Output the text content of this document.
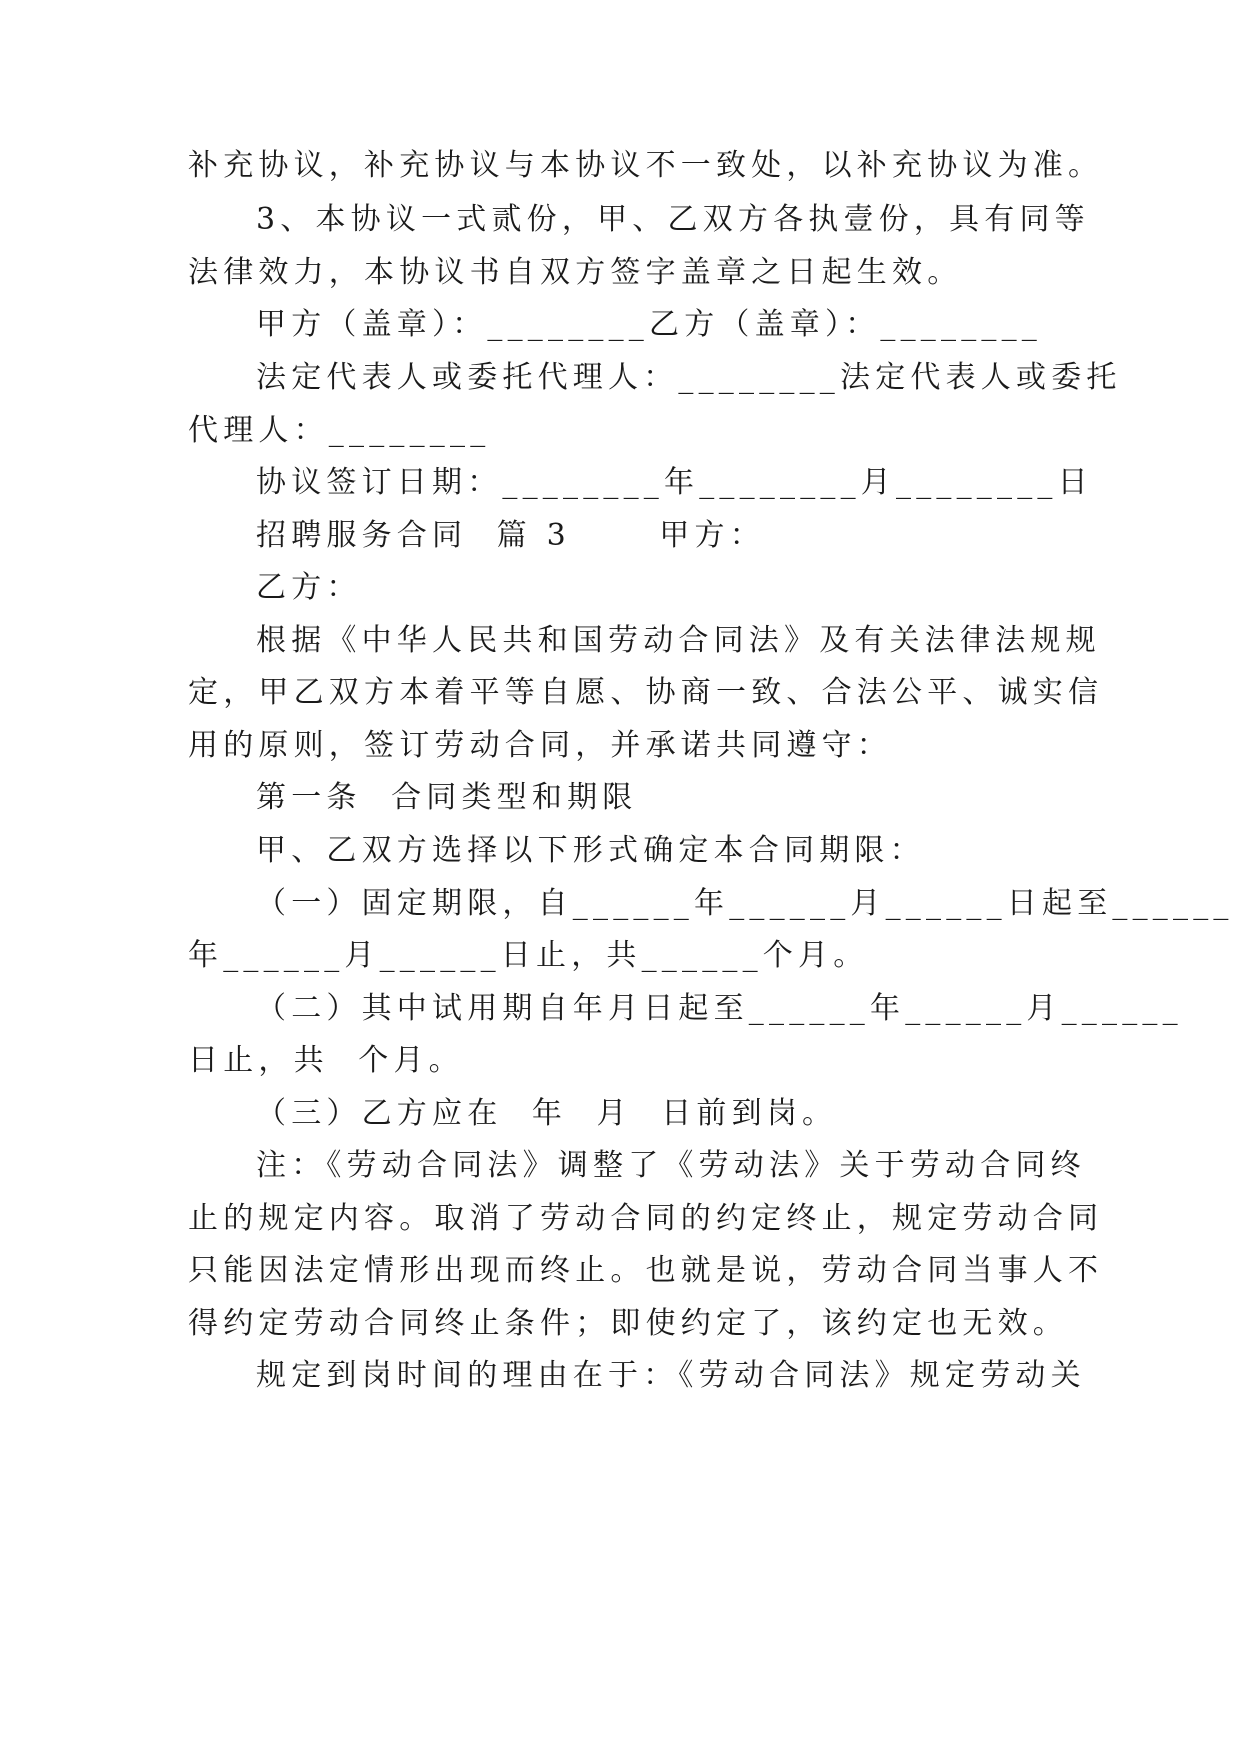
补充协议，补充协议与本协议不一致处，以补充协议为准。
3、本协议一式贰份，甲、乙双方各执壹份，具有同等
法律效力，本协议书自双方签字盖章之日起生效。
甲方（盖章）：________乙方（盖章）：________
法定代表人或委托代理人：________法定代表人或委托
代理人：________
协议签订日期：________年________月________日
招聘服务合同  篇 3      甲方：
乙方：
根据《中华人民共和国劳动合同法》及有关法律法规规
定，甲乙双方本着平等自愿、协商一致、合法公平、诚实信
用的原则，签订劳动合同，并承诺共同遵守：
第一条  合同类型和期限
甲、乙双方选择以下形式确定本合同期限：
（一）固定期限，自______年______月______日起至______
年______月______日止，共______个月。
（二）其中试用期自年月日起至______年______月______
日止，共  个月。
（三）乙方应在  年  月  日前到岗。
注：《劳动合同法》调整了《劳动法》关于劳动合同终
止的规定内容。取消了劳动合同的约定终止，规定劳动合同
只能因法定情形出现而终止。也就是说，劳动合同当事人不
得约定劳动合同终止条件；即使约定了，该约定也无效。
规定到岗时间的理由在于：《劳动合同法》规定劳动关
